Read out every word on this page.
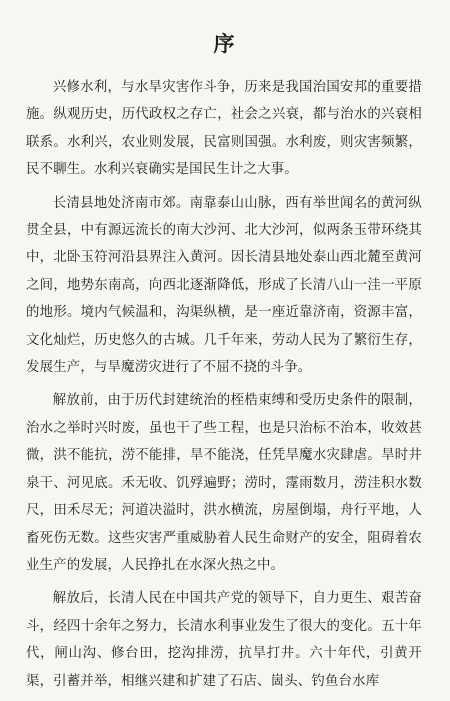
序

兴修水利，与水旱灾害作斗争，历来是我国治国安邦的重要措施。纵观历史，历代政权之存亡，社会之兴衰，都与治水的兴衰相联系。水利兴，农业则发展，民富则国强。水利废，则灾害频繁，民不聊生。水利兴衰确实是国民生计之大事。

长清县地处济南市郊。南靠泰山山脉，西有举世闻名的黄河纵贯全县，中有源远流长的南大沙河、北大沙河，似两条玉带环绕其中，北卧玉符河沿县界注入黄河。因长清县地处泰山西北麓至黄河之间，地势东南高，向西北逐渐降低，形成了长清八山一洼一平原的地形。境内气候温和，沟渠纵横，是一座近靠济南，资源丰富，文化灿烂，历史悠久的古城。几千年来，劳动人民为了繁衍生存，发展生产，与旱魔涝灾进行了不屈不挠的斗争。

解放前，由于历代封建统治的桎梏束缚和受历史条件的限制，治水之举时兴时废，虽也干了些工程，也是只治标不治本，收效甚微，洪不能抗，涝不能排，旱不能浇，任凭旱魔水灾肆虐。旱时井泉干、河见底。禾无收、饥殍遍野；涝时，霪雨数月，涝洼积水数尺，田禾尽无；河道决溢时，洪水横流，房屋倒塌，舟行平地，人畜死伤无数。这些灾害严重威胁着人民生命财产的安全，阻碍着农业生产的发展，人民挣扎在水深火热之中。

解放后，长清人民在中国共产党的领导下，自力更生、艰苦奋斗，经四十余年之努力，长清水利事业发生了很大的变化。五十年代，闸山沟、修台田，挖沟排涝，抗旱打井。六十年代，引黄开渠，引蓄并举，相继兴建和扩建了石店、崮头、钓鱼台水库
